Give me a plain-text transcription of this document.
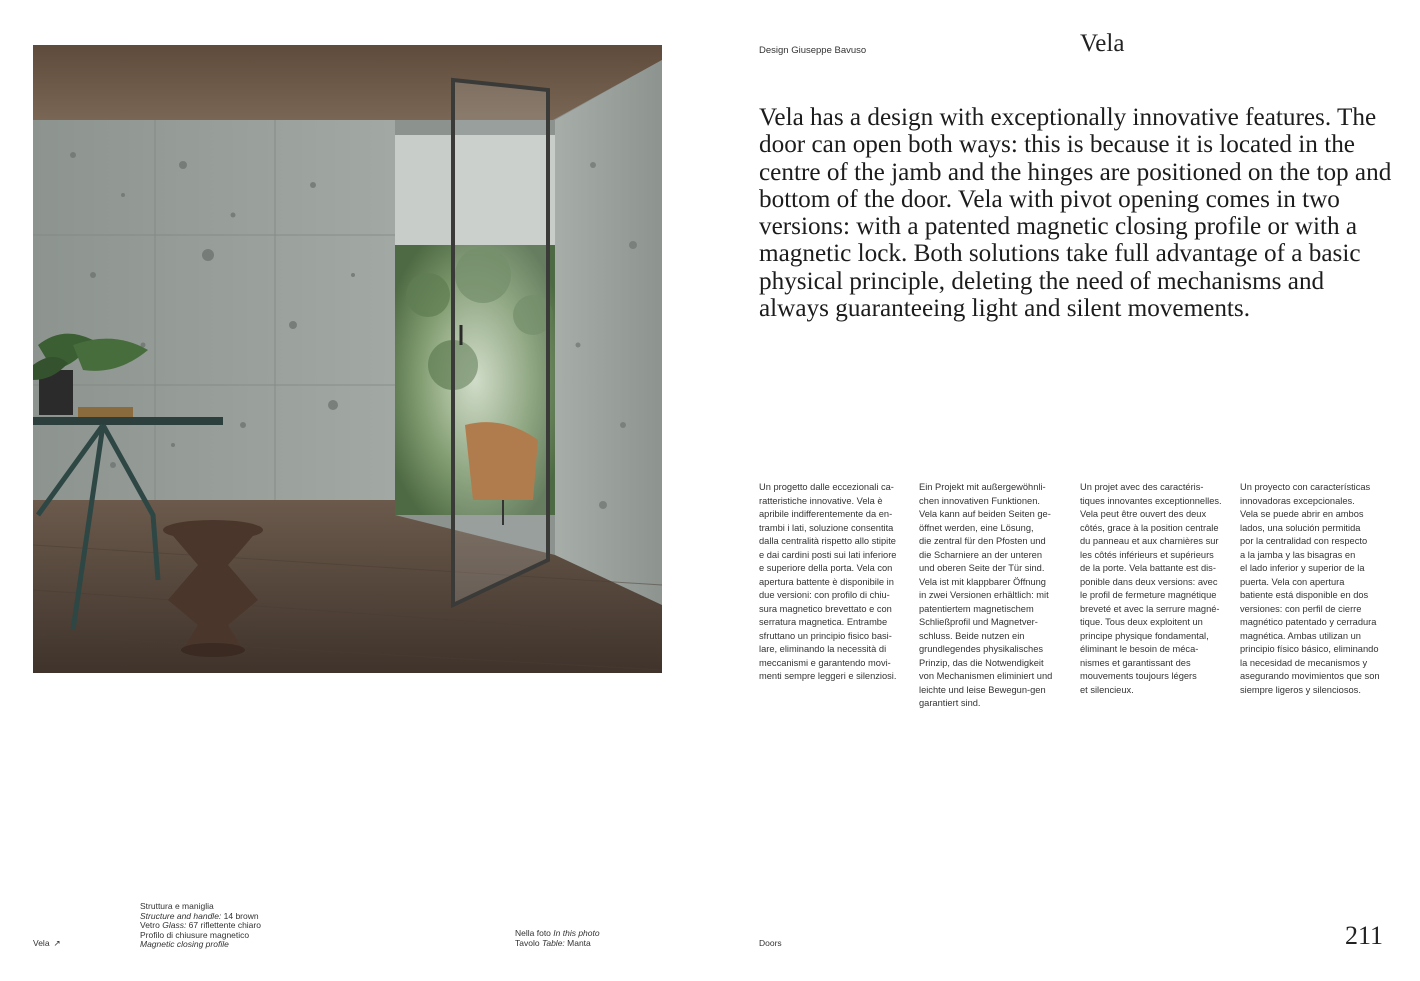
Design Giuseppe Bavuso	Vela

Vela has a design with exceptionally innovative features. The door can open both ways: this is because it is located in the centre of the jamb and the hinges are positioned on the top and bottom of the door. Vela with pivot opening comes in two versions: with a patented magnetic closing profile or with a magnetic lock. Both solutions take full advantage of a basic physical principle, deleting the need of mechanisms and always guaranteeing light and silent movements.

Un progetto dalle eccezionali ca-
ratteristiche innovative. Vela è
apribile indifferentemente da en-
trambi i lati, soluzione consentita
dalla centralità rispetto allo stipite
e dai cardini posti sui lati inferiore
e superiore della porta. Vela con
apertura battente è disponibile in
due versioni: con profilo di chiu-
sura magnetico brevettato e con
serratura magnetica. Entrambe
sfruttano un principio fisico basi-
lare, eliminando la necessità di
meccanismi e garantendo movi-
menti sempre leggeri e silenziosi.

Ein Projekt mit außergewöhnli-
chen innovativen Funktionen.
Vela kann auf beiden Seiten ge-
öffnet werden, eine Lösung,
die zentral für den Pfosten und
die Scharniere an der unteren
und oberen Seite der Tür sind.
Vela ist mit klappbarer Öffnung
in zwei Versionen erhältlich: mit
patentiertem magnetischem
Schließprofil und Magnetver-
schluss. Beide nutzen ein
grundlegendes physikalisches
Prinzip, das die Notwendigkeit
von Mechanismen eliminiert und
leichte und leise Bewegun-gen
garantiert sind.

Un projet avec des caractéris-
tiques innovantes exceptionnelles.
Vela peut être ouvert des deux
côtés, grace à la position centrale
du panneau et aux charnières sur
les côtés inférieurs et supérieurs
de la porte. Vela battante est dis-
ponible dans deux versions: avec
le profil de fermeture magnétique
breveté et avec la serrure magné-
tique. Tous deux exploitent un
principe physique fondamental,
éliminant le besoin de méca-
nismes et garantissant des
mouvements toujours légers
et silencieux.

Un proyecto con características
innovadoras excepcionales.
Vela se puede abrir en ambos
lados, una solución permitida
por la centralidad con respecto
a la jamba y las bisagras en
el lado inferior y superior de la
puerta. Vela con apertura
batiente está disponible en dos
versiones: con perfil de cierre
magnético patentado y cerradura
magnética. Ambas utilizan un
principio físico básico, eliminando
la necesidad de mecanismos y
asegurando movimientos que son
siempre ligeros y silenciosos.

Vela ↗
Struttura e maniglia
Structure and handle: 14 brown
Vetro Glass: 67 riflettente chiaro
Profilo di chiusure magnetico
Magnetic closing profile
Nella foto In this photo
Tavolo Table: Manta	Doors	211
